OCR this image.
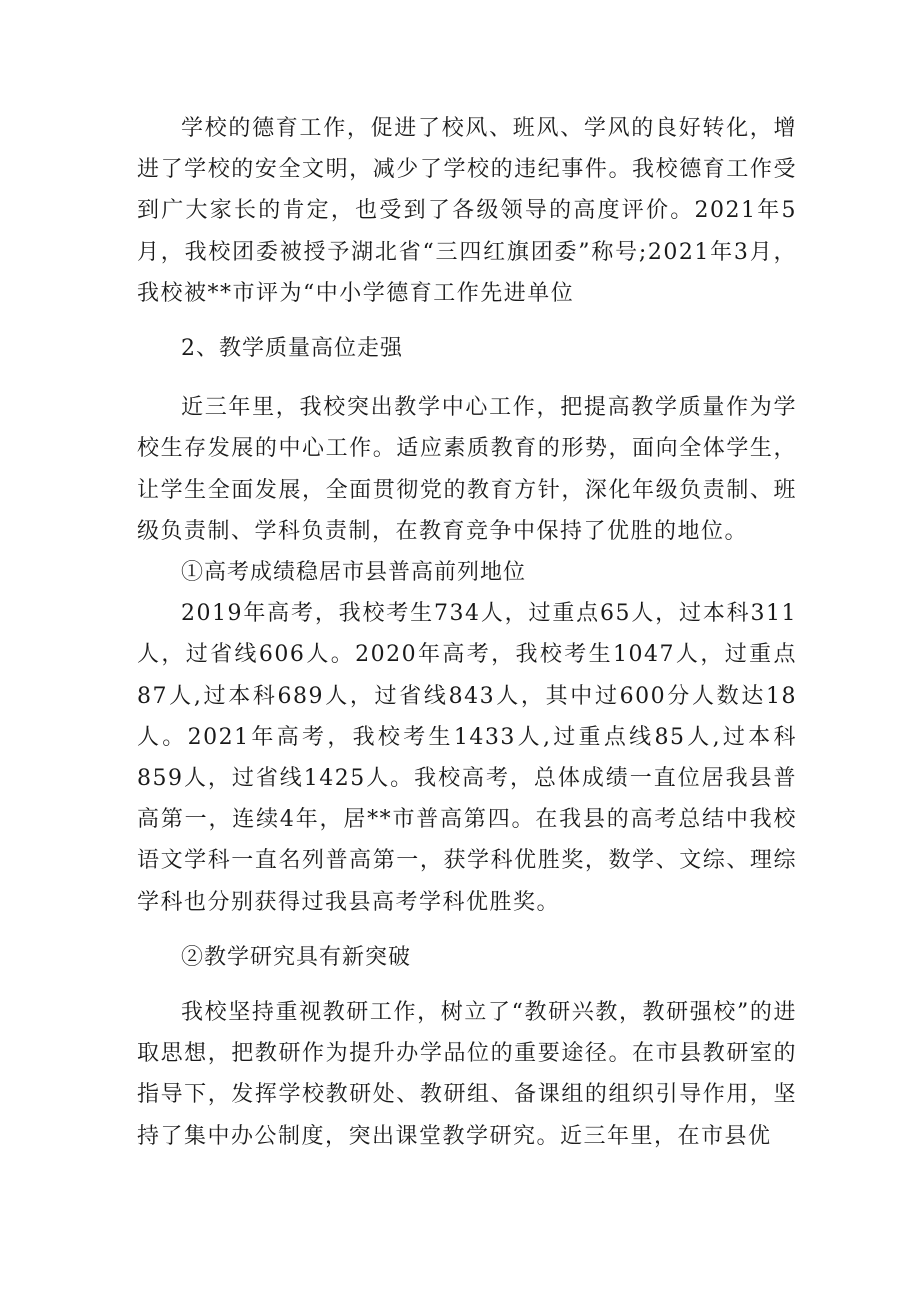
学校的德育工作，促进了校风、班风、学风的良好转化，增进了学校的安全文明，减少了学校的违纪事件。我校德育工作受到广大家长的肯定，也受到了各级领导的高度评价。2021年5月，我校团委被授予湖北省“三四红旗团委”称号;2021年3月，我校被**市评为“中小学德育工作先进单位

2、教学质量高位走强

近三年里，我校突出教学中心工作，把提高教学质量作为学校生存发展的中心工作。适应素质教育的形势，面向全体学生，让学生全面发展，全面贯彻党的教育方针，深化年级负责制、班级负责制、学科负责制，在教育竞争中保持了优胜的地位。

①高考成绩稳居市县普高前列地位

2019年高考，我校考生734人，过重点65人，过本科311人，过省线606人。2020年高考，我校考生1047人，过重点87人,过本科689人，过省线843人，其中过600分人数达18人。2021年高考，我校考生1433人,过重点线85人,过本科859人，过省线1425人。我校高考，总体成绩一直位居我县普高第一，连续4年，居**市普高第四。在我县的高考总结中我校语文学科一直名列普高第一，获学科优胜奖，数学、文综、理综学科也分别获得过我县高考学科优胜奖。

②教学研究具有新突破

我校坚持重视教研工作，树立了“教研兴教，教研强校”的进取思想，把教研作为提升办学品位的重要途径。在市县教研室的指导下，发挥学校教研处、教研组、备课组的组织引导作用，坚持了集中办公制度，突出课堂教学研究。近三年里，在市县优
